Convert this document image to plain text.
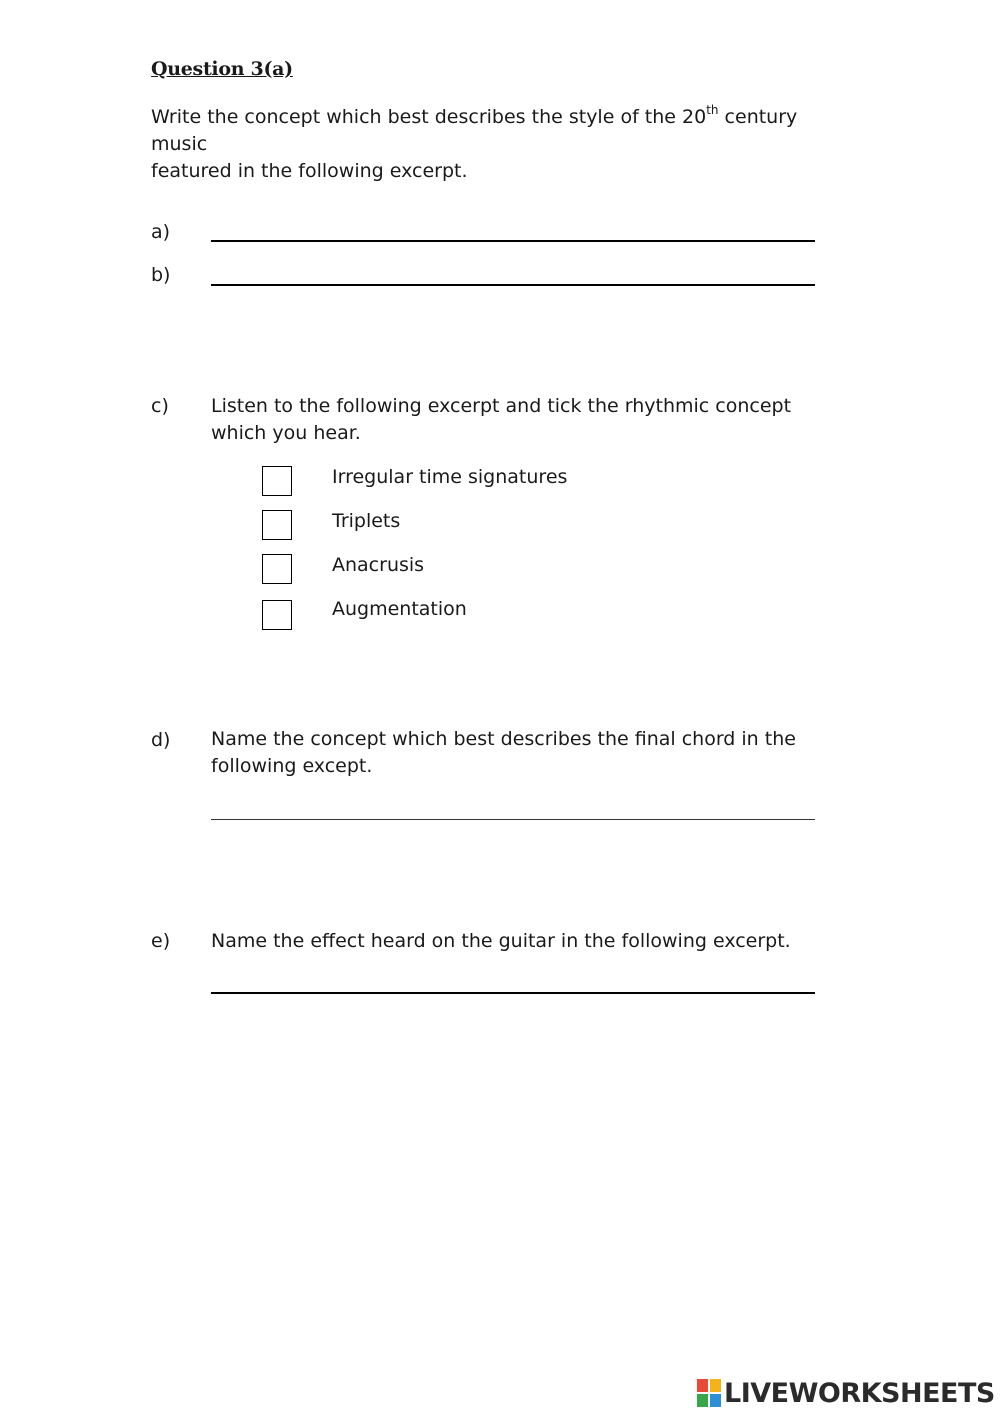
Question 3(a)
Write the concept which best describes the style of the 20th century music
featured in the following excerpt.
a)
b)
c) Listen to the following excerpt and tick the rhythmic concept
which you hear.
Irregular time signatures
Triplets
Anacrusis
Augmentation
d) Name the concept which best describes the final chord in the
following except.
e) Name the effect heard on the guitar in the following excerpt.
LIVEWORKSHEETS
